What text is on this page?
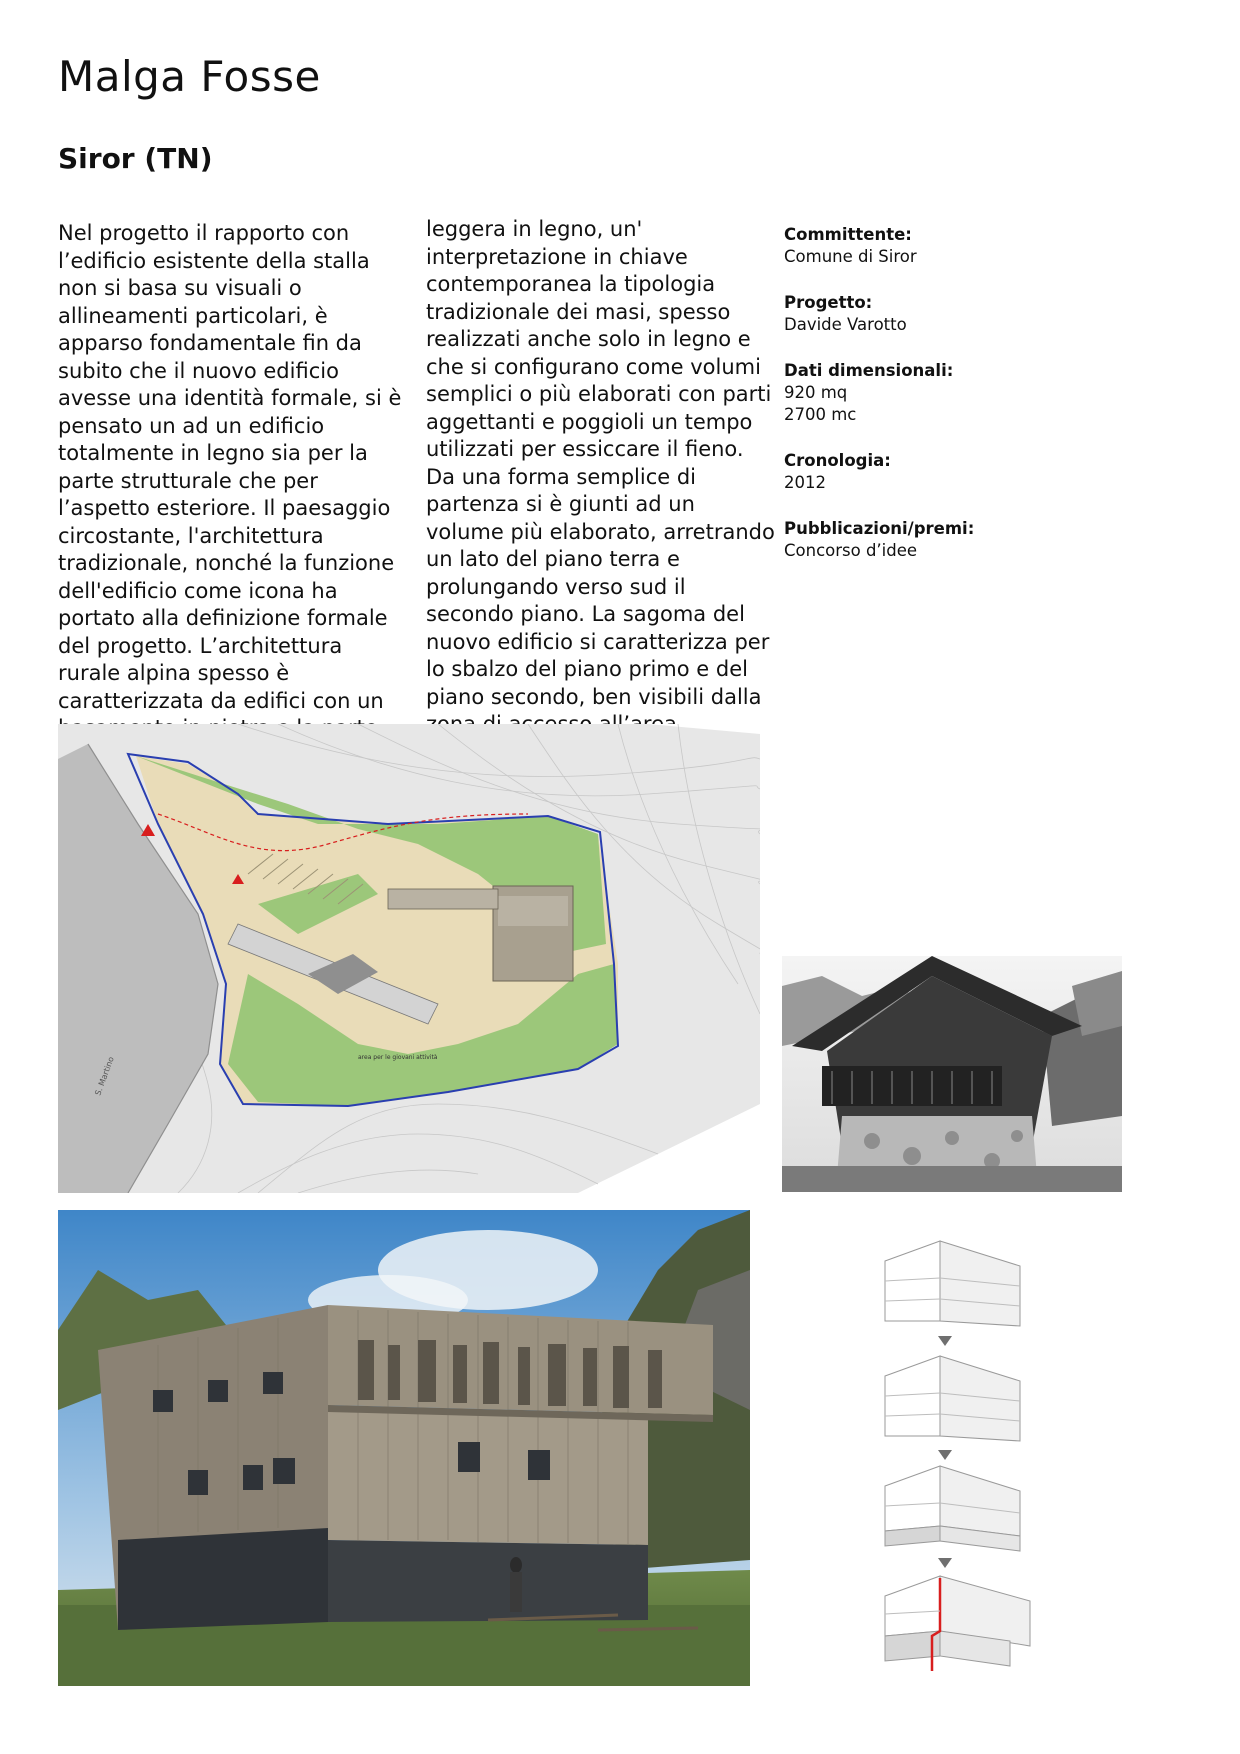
Malga Fosse
Siror (TN)

Nel progetto il rapporto con l’edificio esistente della stalla non si basa su visuali o allineamenti particolari, è apparso fondamentale fin da subito che il nuovo edificio avesse una identità formale, si è pensato un ad un edificio totalmente in legno sia per la parte strutturale che per l’aspetto esteriore. Il paesaggio circostante, l'architettura tradizionale, nonché la funzione dell'edificio come icona ha portato alla definizione formale del progetto. L’architettura rurale alpina spesso è caratterizzata da edifici con un

leggera in legno, un' interpretazione in chiave contemporanea la tipologia tradizionale dei masi, spesso realizzati anche solo in legno e che si configurano come volumi semplici o più elaborati con parti aggettanti e poggioli un tempo utilizzati per essiccare il fieno. Da una forma semplice di partenza si è giunti ad un volume più elaborato, arretrando un lato del piano terra e prolungando verso sud il secondo piano. La sagoma del nuovo edificio si caratterizza per lo sbalzo del piano primo e del piano secondo, ben visibili dalla

Committente:
Comune di Siror
Progetto:
Davide Varotto
Dati dimensionali:
920 mq
2700 mc
Cronologia:
2012
Pubblicazioni/premi:
Concorso d’idee
S. Martino	area per le giovani attività
